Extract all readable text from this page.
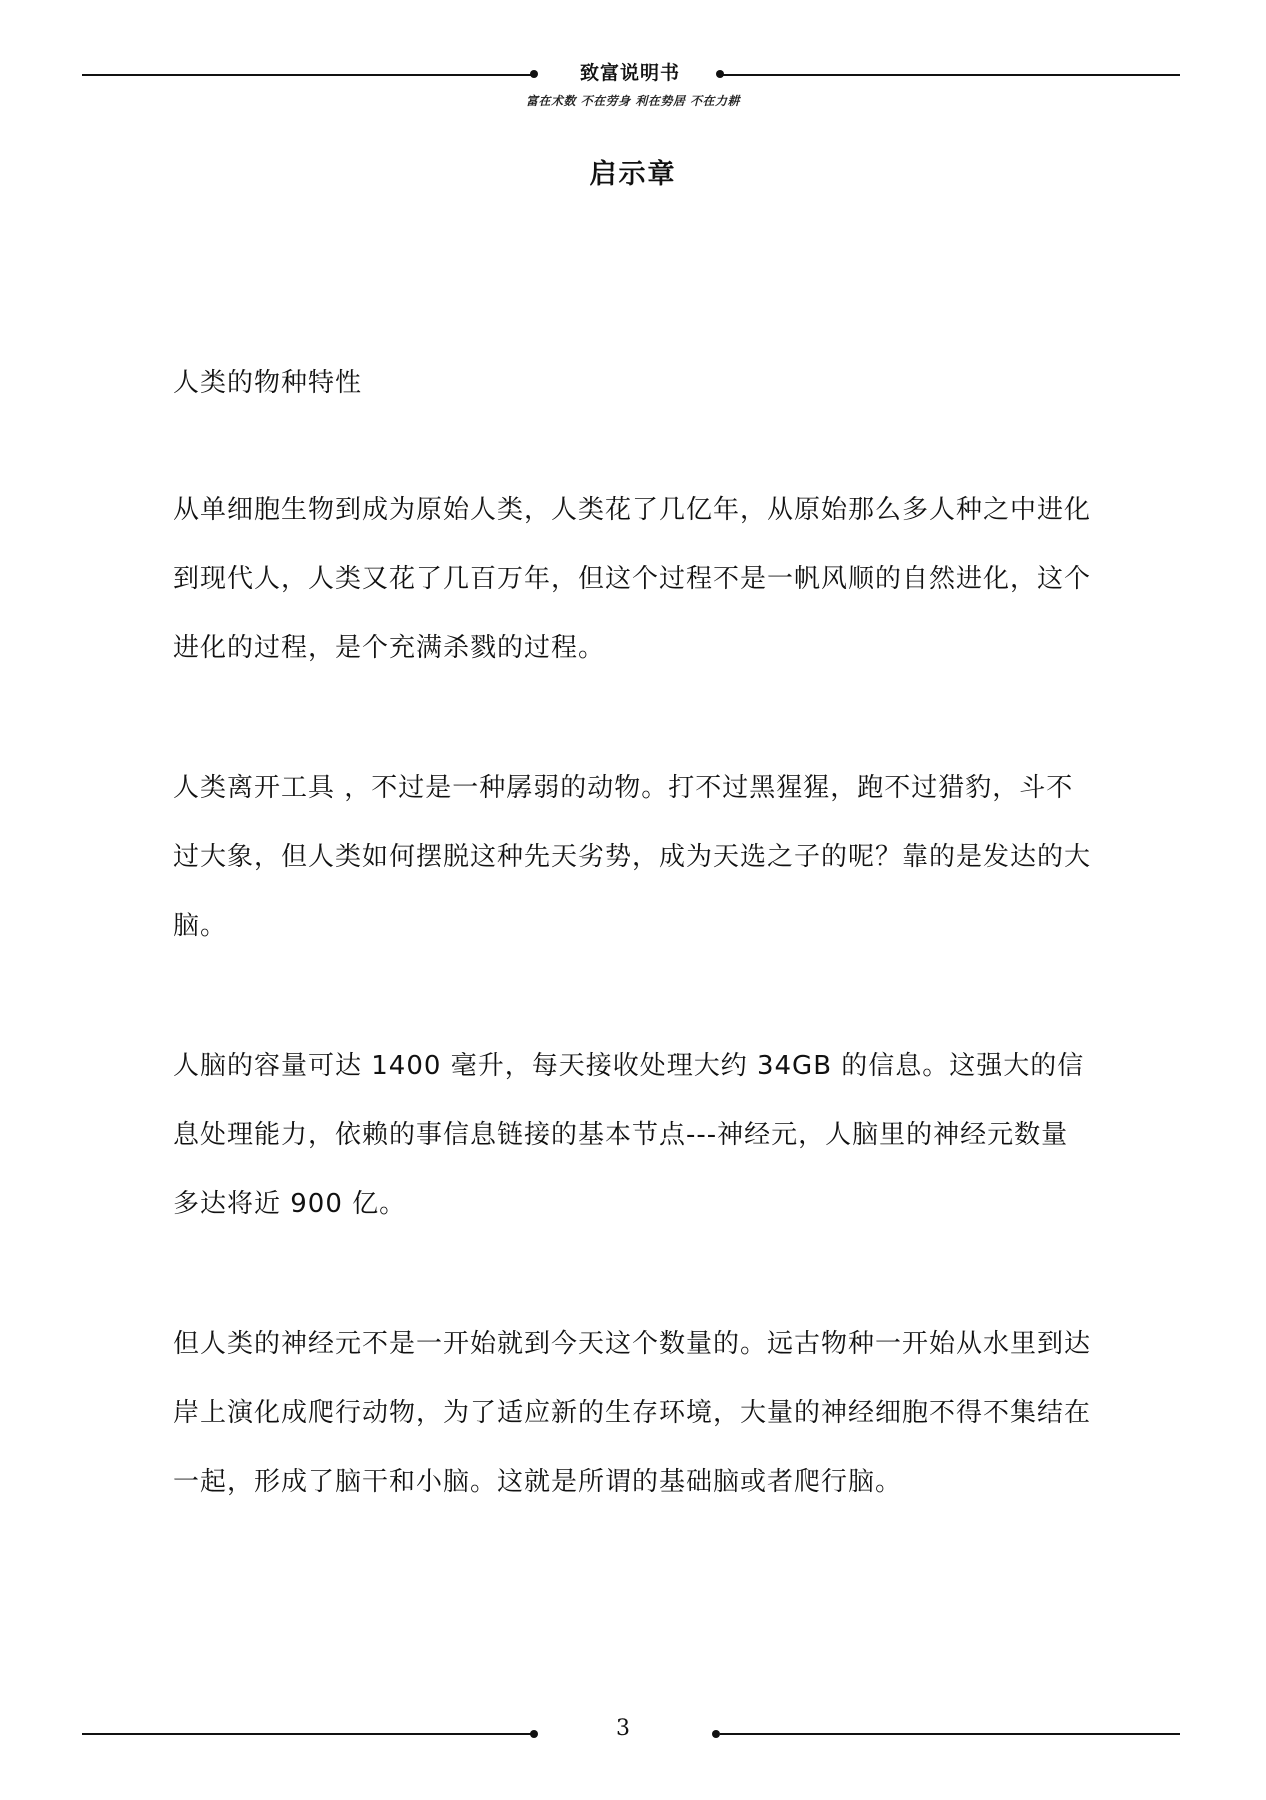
致富说明书
富在术数 不在劳身 利在势居 不在力耕
启示章

人类的物种特性

从单细胞生物到成为原始人类，人类花了几亿年，从原始那么多人种之中进化到现代人，人类又花了几百万年，但这个过程不是一帆风顺的自然进化，这个进化的过程，是个充满杀戮的过程。

人类离开工具 ，不过是一种孱弱的动物。打不过黑猩猩，跑不过猎豹，斗不过大象，但人类如何摆脱这种先天劣势，成为天选之子的呢？靠的是发达的大脑。

人脑的容量可达 1400 毫升，每天接收处理大约 34GB 的信息。这强大的信息处理能力，依赖的事信息链接的基本节点---神经元，人脑里的神经元数量多达将近 900 亿。

但人类的神经元不是一开始就到今天这个数量的。远古物种一开始从水里到达岸上演化成爬行动物，为了适应新的生存环境，大量的神经细胞不得不集结在一起，形成了脑干和小脑。这就是所谓的基础脑或者爬行脑。

3
